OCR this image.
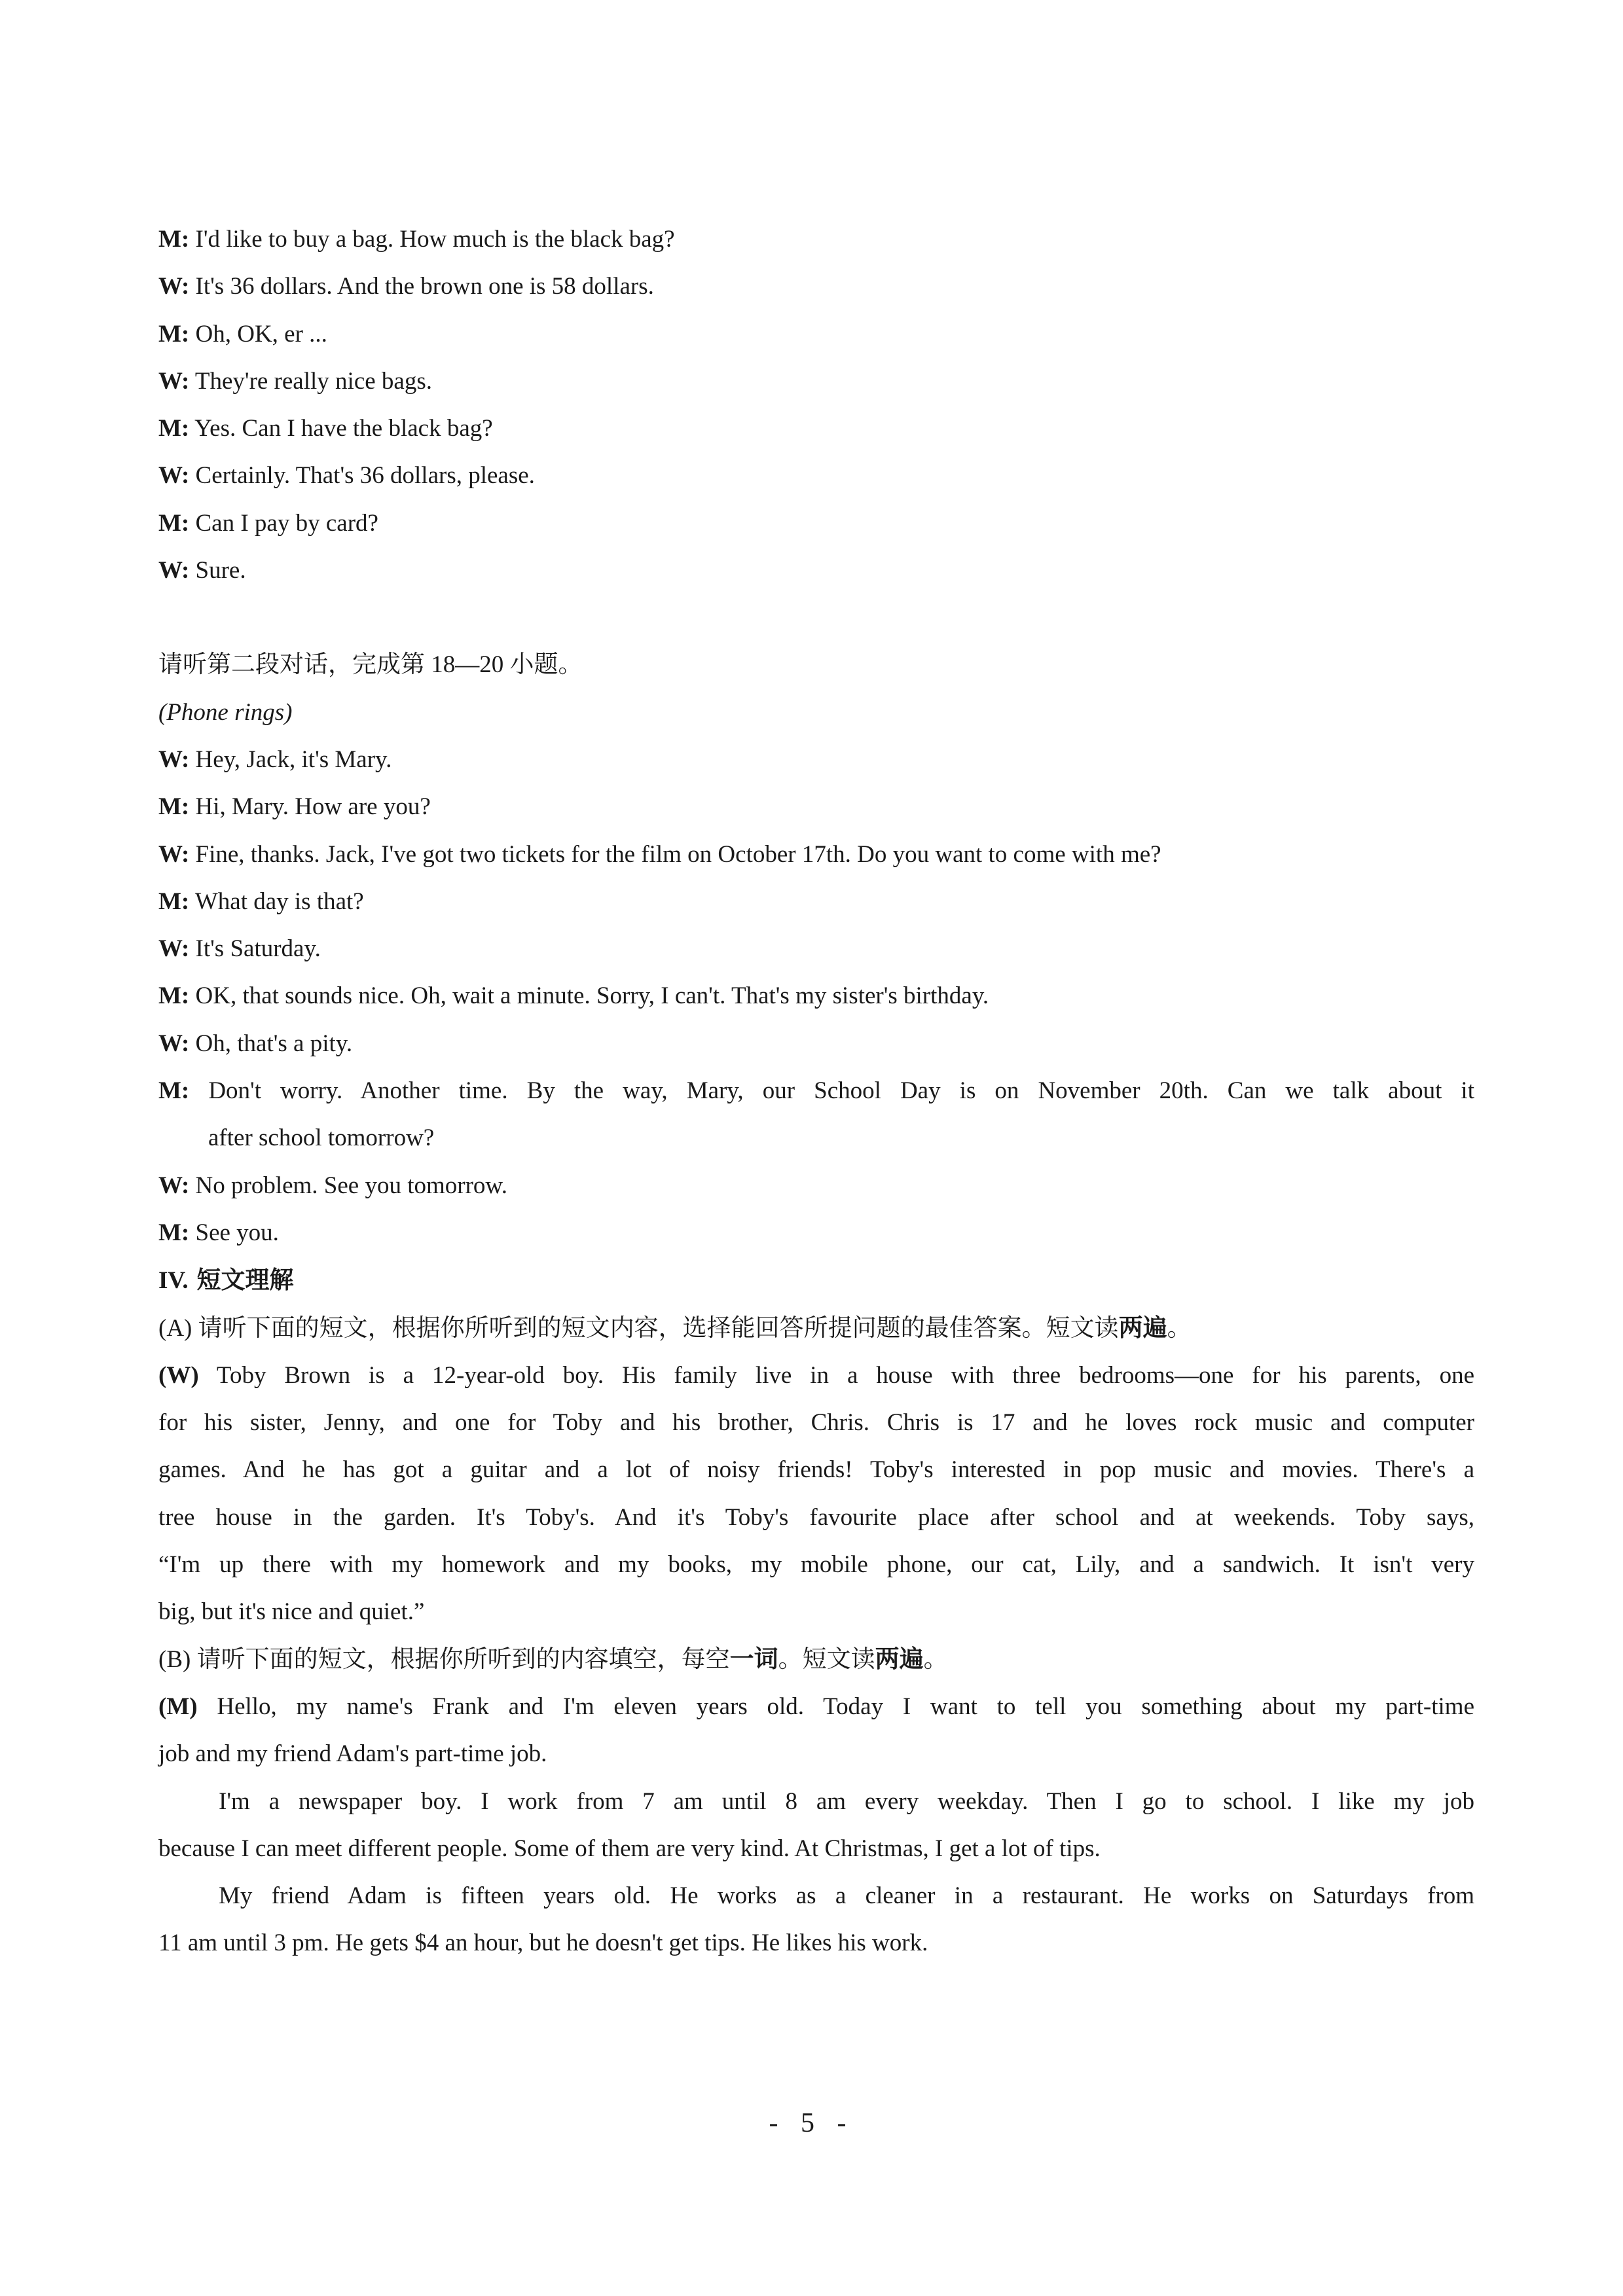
M: I'd like to buy a bag. How much is the black bag?
W: It's 36 dollars. And the brown one is 58 dollars.
M: Oh, OK, er ...
W: They're really nice bags.
M: Yes. Can I have the black bag?
W: Certainly. That's 36 dollars, please.
M: Can I pay by card?
W: Sure.
请听第二段对话，完成第 18—20 小题。
(Phone rings)
W: Hey, Jack, it's Mary.
M: Hi, Mary. How are you?
W: Fine, thanks. Jack, I've got two tickets for the film on October 17th. Do you want to come with me?
M: What day is that?
W: It's Saturday.
M: OK, that sounds nice. Oh, wait a minute. Sorry, I can't. That's my sister's birthday.
W: Oh, that's a pity.
M: Don't worry. Another time. By the way, Mary, our School Day is on November 20th. Can we talk about it
after school tomorrow?
W: No problem. See you tomorrow.
M: See you.
IV. 短文理解
(A) 请听下面的短文，根据你所听到的短文内容，选择能回答所提问题的最佳答案。短文读两遍。
(W) Toby Brown is a 12-year-old boy. His family live in a house with three bedrooms—one for his parents, one
for his sister, Jenny, and one for Toby and his brother, Chris. Chris is 17 and he loves rock music and computer
games. And he has got a guitar and a lot of noisy friends! Toby's interested in pop music and movies. There's a
tree house in the garden. It's Toby's. And it's Toby's favourite place after school and at weekends. Toby says,
“I'm up there with my homework and my books, my mobile phone, our cat, Lily, and a sandwich. It isn't very
big, but it's nice and quiet.”
(B) 请听下面的短文，根据你所听到的内容填空，每空一词。短文读两遍。
(M) Hello, my name's Frank and I'm eleven years old. Today I want to tell you something about my part-time
job and my friend Adam's part-time job.
I'm a newspaper boy. I work from 7 am until 8 am every weekday. Then I go to school. I like my job
because I can meet different people. Some of them are very kind. At Christmas, I get a lot of tips.
My friend Adam is fifteen years old. He works as a cleaner in a restaurant. He works on Saturdays from
11 am until 3 pm. He gets $4 an hour, but he doesn't get tips. He likes his work.
- 5 -
